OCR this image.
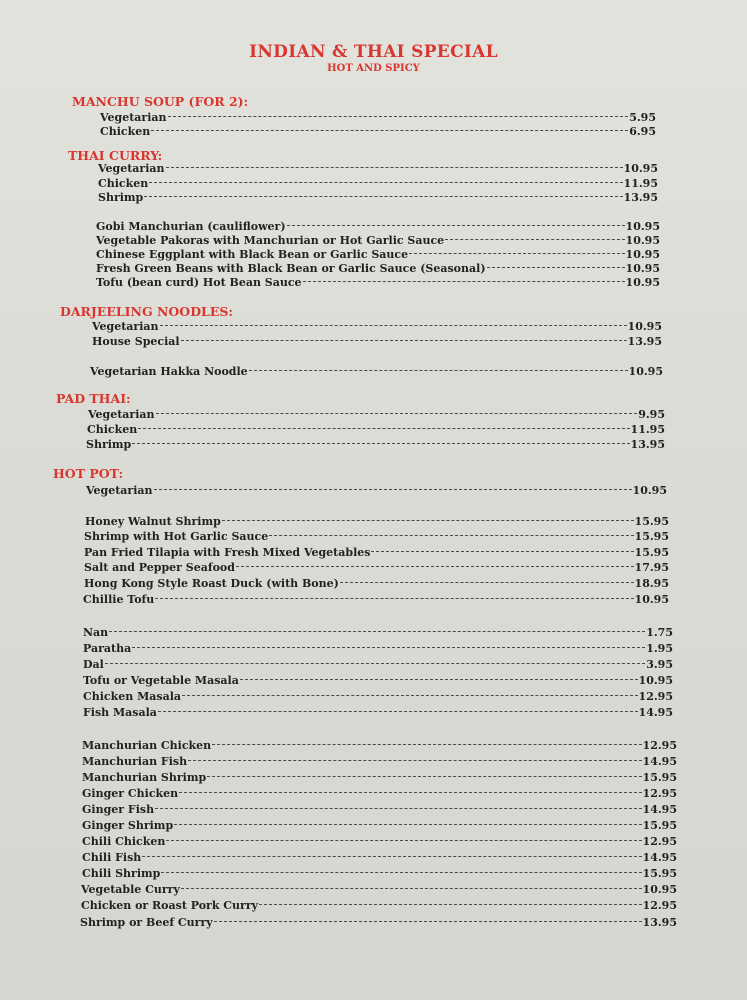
INDIAN & THAI SPECIAL
HOT AND SPICY
MANCHU SOUP (FOR 2):
Vegetarian	5.95
Chicken	6.95
THAI CURRY:
Vegetarian	10.95
Chicken	11.95
Shrimp	13.95
Gobi Manchurian (cauliflower)	10.95
Vegetable Pakoras with Manchurian or Hot Garlic Sauce	10.95
Chinese Eggplant with Black Bean or Garlic Sauce	10.95
Fresh Green Beans with Black Bean or Garlic Sauce (Seasonal)	10.95
Tofu (bean curd) Hot Bean Sauce	10.95
DARJEELING NOODLES:
Vegetarian	10.95
House Special	13.95
Vegetarian Hakka Noodle	10.95
PAD THAI:
Vegetarian	9.95
Chicken	11.95
Shrimp	13.95
HOT POT:
Vegetarian	10.95
Honey Walnut Shrimp	15.95
Shrimp with Hot Garlic Sauce	15.95
Pan Fried Tilapia with Fresh Mixed Vegetables	15.95
Salt and Pepper Seafood	17.95
Hong Kong Style Roast Duck (with Bone)	18.95
Chillie Tofu	10.95
Nan	1.75
Paratha	1.95
Dal	3.95
Tofu or Vegetable Masala	10.95
Chicken Masala	12.95
Fish Masala	14.95
Manchurian Chicken	12.95
Manchurian Fish	14.95
Manchurian Shrimp	15.95
Ginger Chicken	12.95
Ginger Fish	14.95
Ginger Shrimp	15.95
Chili Chicken	12.95
Chili Fish	14.95
Chili Shrimp	15.95
Vegetable Curry	10.95
Chicken or Roast Pork Curry	12.95
Shrimp or Beef Curry	13.95
